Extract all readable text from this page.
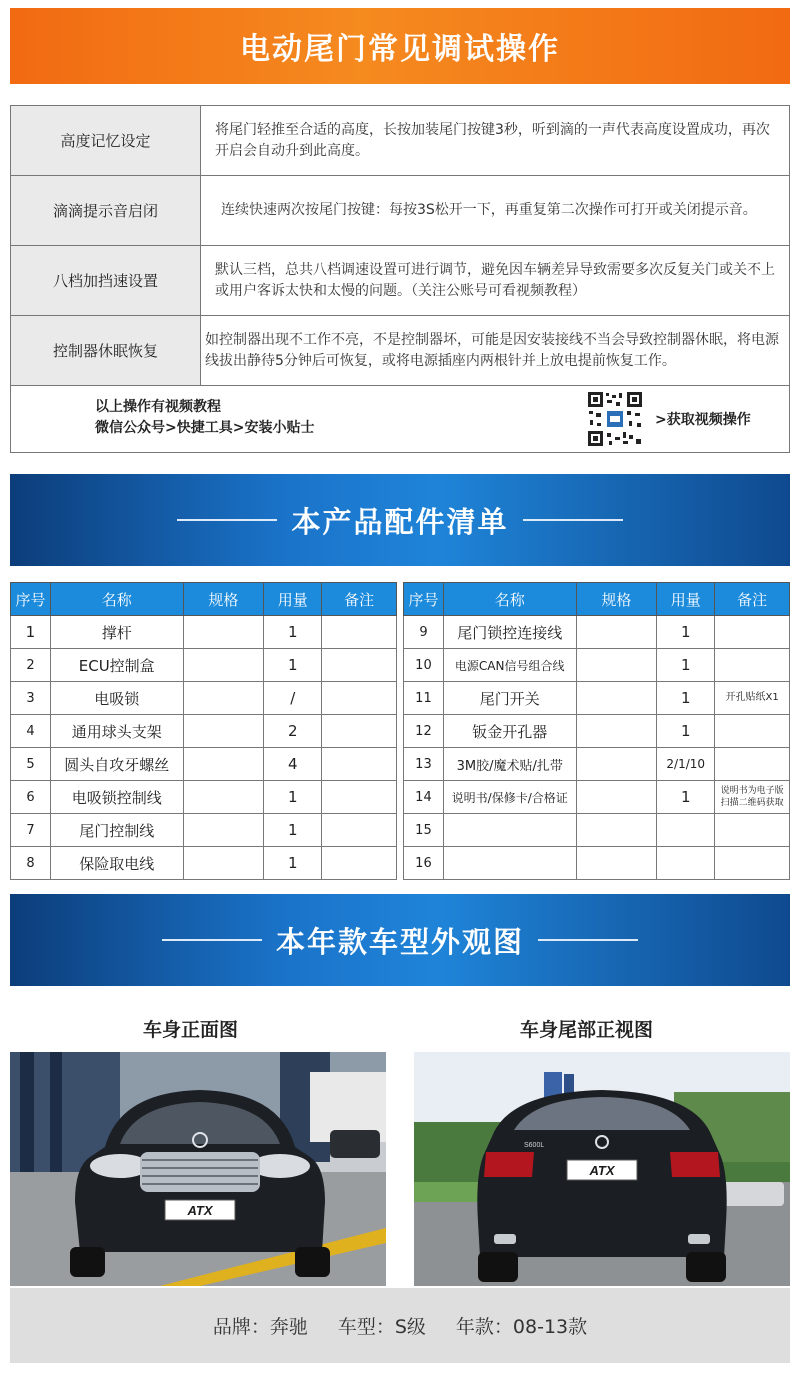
电动尾门常见调试操作
高度记忆设定	将尾门轻推至合适的高度，长按加装尾门按键3秒，听到滴的一声代表高度设置成功，再次开启会自动升到此高度。
滴滴提示音启闭	连续快速两次按尾门按键：每按3S松开一下，再重复第二次操作可打开或关闭提示音。
八档加挡速设置	默认三档，总共八档调速设置可进行调节，避免因车辆差异导致需要多次反复关门或关不上或用户客诉太快和太慢的问题。（关注公账号可看视频教程）
控制器休眠恢复	如控制器出现不工作不亮，不是控制器坏，可能是因安装接线不当会导致控制器休眠，将电源线拔出静待5分钟后可恢复，或将电源插座内两根针并上放电提前恢复工作。
以上操作有视频教程
微信公众号>快捷工具>安装小贴士	>获取视频操作
本产品配件清单
序号	名称	规格	用量	备注
1	撑杆		1	
2	ECU控制盒		1	
3	电吸锁		/	
4	通用球头支架		2	
5	圆头自攻牙螺丝		4	
6	电吸锁控制线		1	
7	尾门控制线		1	
8	保险取电线		1	
序号	名称	规格	用量	备注
9	尾门锁控连接线		1	
10	电源CAN信号组合线		1	
11	尾门开关		1	开孔贴纸X1
12	钣金开孔器		1	
13	3M胶/魔术贴/扎带		2/1/10	
14	说明书/保修卡/合格证		1	说明书为电子版扫描二维码获取
15				
16				
本年款车型外观图
车身正面图	车身尾部正视图
ATX
S600L
ATX
品牌：奔驰 车型：S级 年款：08-13款
